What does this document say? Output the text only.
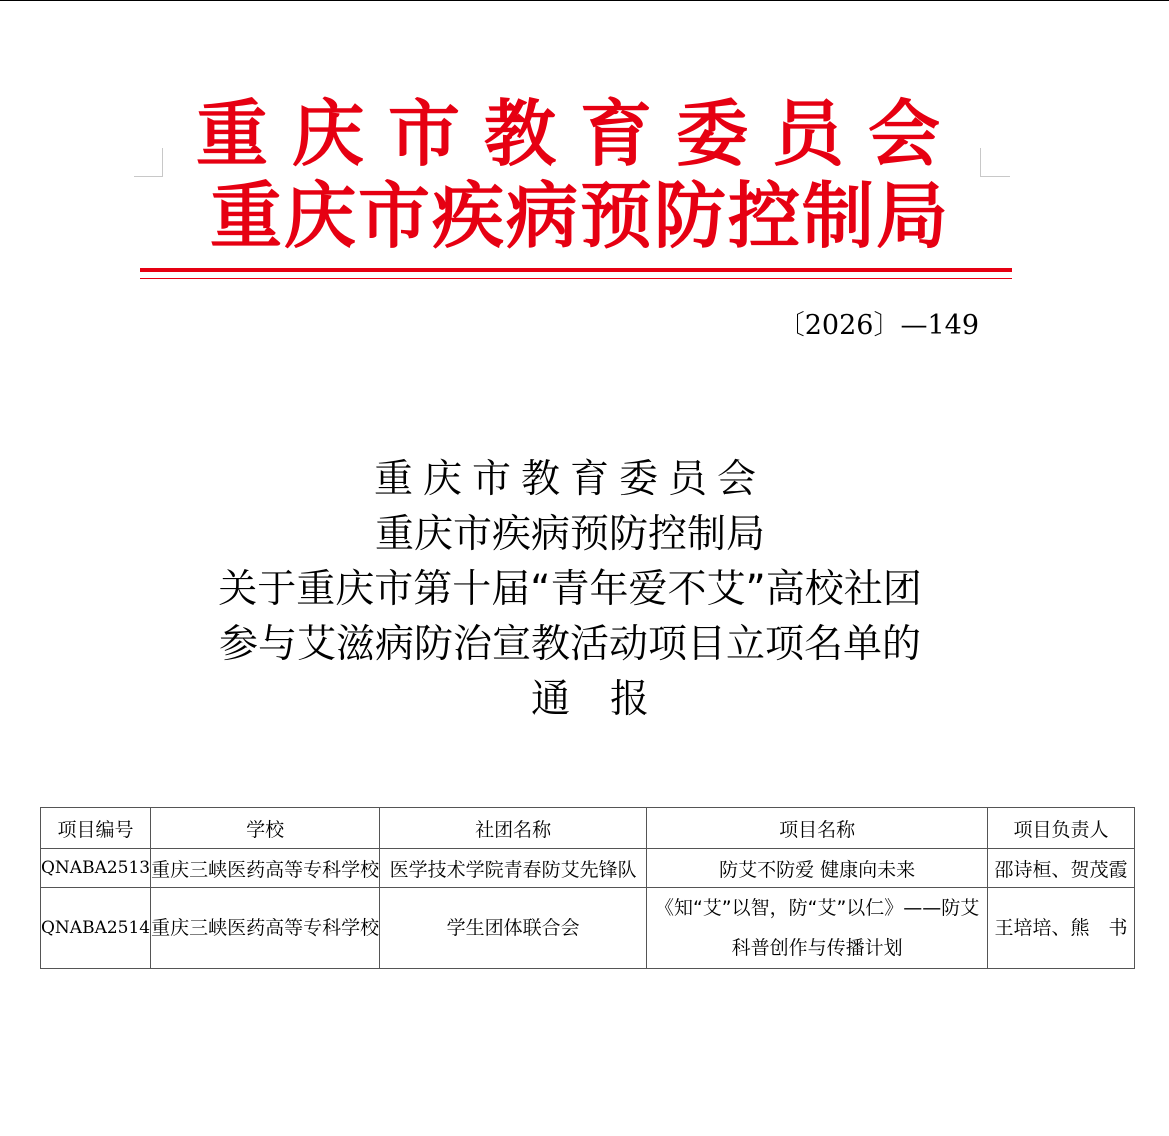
重庆市教育委员会
重庆市疾病预防控制局
〔2026〕—149
重庆市教育委员会
重庆市疾病预防控制局
关于重庆市第十届“青年爱不艾”高校社团
参与艾滋病防治宣教活动项目立项名单的
通报
项目编号	学校	社团名称	项目名称	项目负责人
QNABA2513	重庆三峡医药高等专科学校	医学技术学院青春防艾先锋队	防艾不防爱 健康向未来	邵诗桓、贺茂霞
QNABA2514	重庆三峡医药高等专科学校	学生团体联合会	《知“艾”以智，防“艾”以仁》——防艾科普创作与传播计划	王培培、熊　书
